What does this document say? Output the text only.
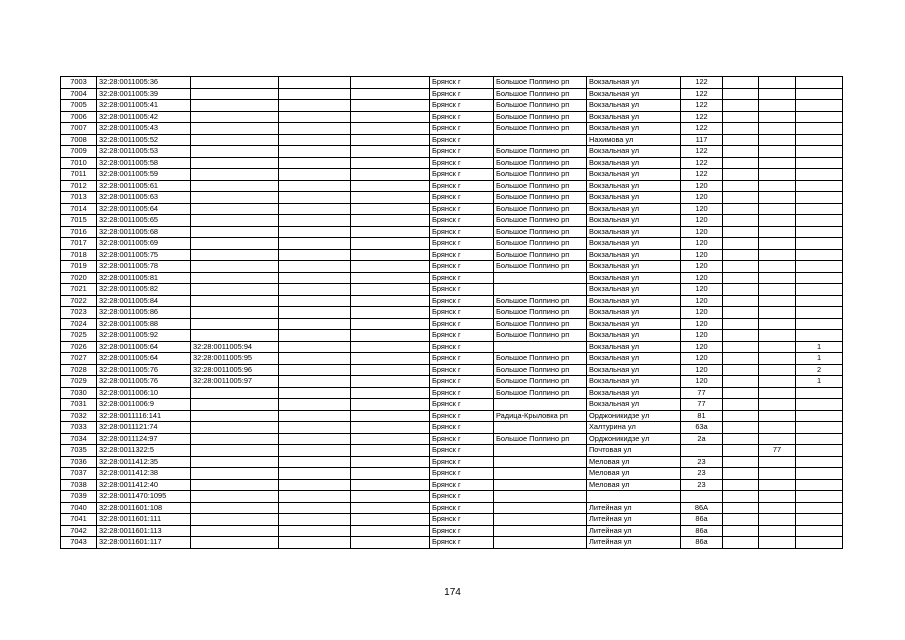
7003	32:28:0011005:36				Брянск г	Большое Полпино рп	Вокзальная ул	122			
7004	32:28:0011005:39				Брянск г	Большое Полпино рп	Вокзальная ул	122			
7005	32:28:0011005:41				Брянск г	Большое Полпино рп	Вокзальная ул	122			
7006	32:28:0011005:42				Брянск г	Большое Полпино рп	Вокзальная ул	122			
7007	32:28:0011005:43				Брянск г	Большое Полпино рп	Вокзальная ул	122			
7008	32:28:0011005:52				Брянск г		Нахимова ул	117			
7009	32:28:0011005:53				Брянск г	Большое Полпино рп	Вокзальная ул	122			
7010	32:28:0011005:58				Брянск г	Большое Полпино рп	Вокзальная ул	122			
7011	32:28:0011005:59				Брянск г	Большое Полпино рп	Вокзальная ул	122			
7012	32:28:0011005:61				Брянск г	Большое Полпино рп	Вокзальная ул	120			
7013	32:28:0011005:63				Брянск г	Большое Полпино рп	Вокзальная ул	120			
7014	32:28:0011005:64				Брянск г	Большое Полпино рп	Вокзальная ул	120			
7015	32:28:0011005:65				Брянск г	Большое Полпино рп	Вокзальная ул	120			
7016	32:28:0011005:68				Брянск г	Большое Полпино рп	Вокзальная ул	120			
7017	32:28:0011005:69				Брянск г	Большое Полпино рп	Вокзальная ул	120			
7018	32:28:0011005:75				Брянск г	Большое Полпино рп	Вокзальная ул	120			
7019	32:28:0011005:78				Брянск г	Большое Полпино рп	Вокзальная ул	120			
7020	32:28:0011005:81				Брянск г		Вокзальная ул	120			
7021	32:28:0011005:82				Брянск г		Вокзальная ул	120			
7022	32:28:0011005:84				Брянск г	Большое Полпино рп	Вокзальная ул	120			
7023	32:28:0011005:86				Брянск г	Большое Полпино рп	Вокзальная ул	120			
7024	32:28:0011005:88				Брянск г	Большое Полпино рп	Вокзальная ул	120			
7025	32:28:0011005:92				Брянск г	Большое Полпино рп	Вокзальная ул	120			
7026	32:28:0011005:64	32:28:0011005:94			Брянск г		Вокзальная ул	120			1
7027	32:28:0011005:64	32:28:0011005:95			Брянск г	Большое Полпино рп	Вокзальная ул	120			1
7028	32:28:0011005:76	32:28:0011005:96			Брянск г	Большое Полпино рп	Вокзальная ул	120			2
7029	32:28:0011005:76	32:28:0011005:97			Брянск г	Большое Полпино рп	Вокзальная ул	120			1
7030	32:28:0011006:10				Брянск г	Большое Полпино рп	Вокзальная ул	77			
7031	32:28:0011006:9				Брянск г		Вокзальная ул	77			
7032	32:28:0011116:141				Брянск г	Радица-Крыловка рп	Орджоникидзе ул	81			
7033	32:28:0011121:74				Брянск г		Халтурина ул	63а			
7034	32:28:0011124:97				Брянск г	Большое Полпино рп	Орджоникидзе ул	2а			
7035	32:28:0011322:5				Брянск г		Почтовая ул			77	
7036	32:28:0011412:35				Брянск г		Меловая ул	23			
7037	32:28:0011412:38				Брянск г		Меловая ул	23			
7038	32:28:0011412:40				Брянск г		Меловая ул	23			
7039	32:28:0011470:1095				Брянск г						
7040	32:28:0011601:108				Брянск г		Литейная ул	86А			
7041	32:28:0011601:111				Брянск г		Литейная ул	86а			
7042	32:28:0011601:113				Брянск г		Литейная ул	86а			
7043	32:28:0011601:117				Брянск г		Литейная ул	86а			
174
